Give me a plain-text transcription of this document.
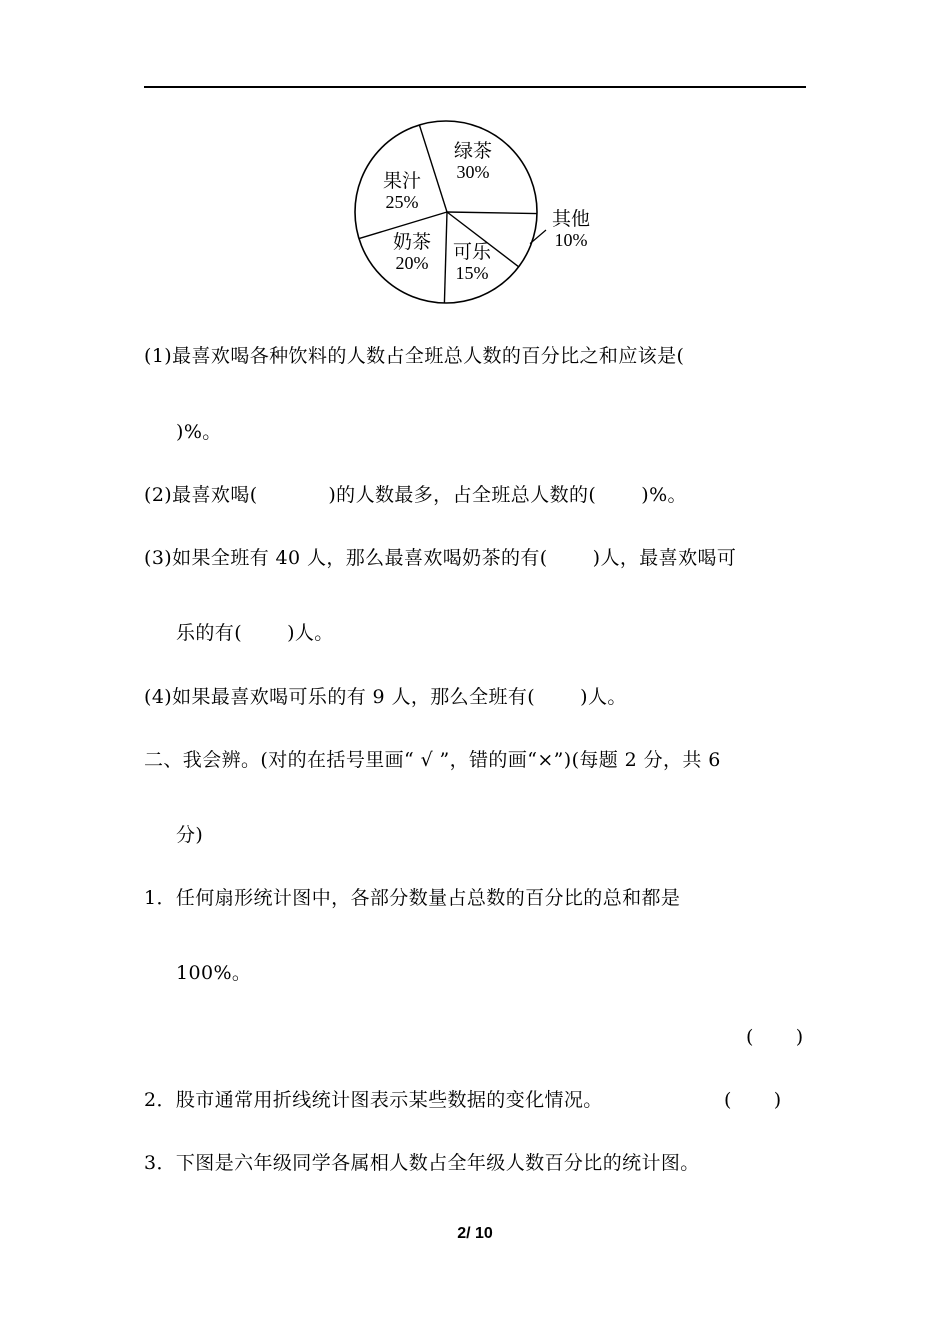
绿茶
30%
其他
10%
可乐
15%
奶茶
20%
果汁
25%
(1)最喜欢喝各种饮料的人数占全班总人数的百分比之和应该是(
)%。
(2)最喜欢喝(           )的人数最多，占全班总人数的(       )%。
(3)如果全班有 40 人，那么最喜欢喝奶茶的有(       )人，最喜欢喝可
乐的有(       )人。
(4)如果最喜欢喝可乐的有 9 人，那么全班有(       )人。
二、我会辨。(对的在括号里画“ √ ”，错的画“×”)(每题 2 分，共 6
分)
1．任何扇形统计图中，各部分数量占总数的百分比的总和都是
100%。
(       )
2．股市通常用折线统计图表示某些数据的变化情况。	(       )
3．下图是六年级同学各属相人数占全年级人数百分比的统计图。
2/ 10
